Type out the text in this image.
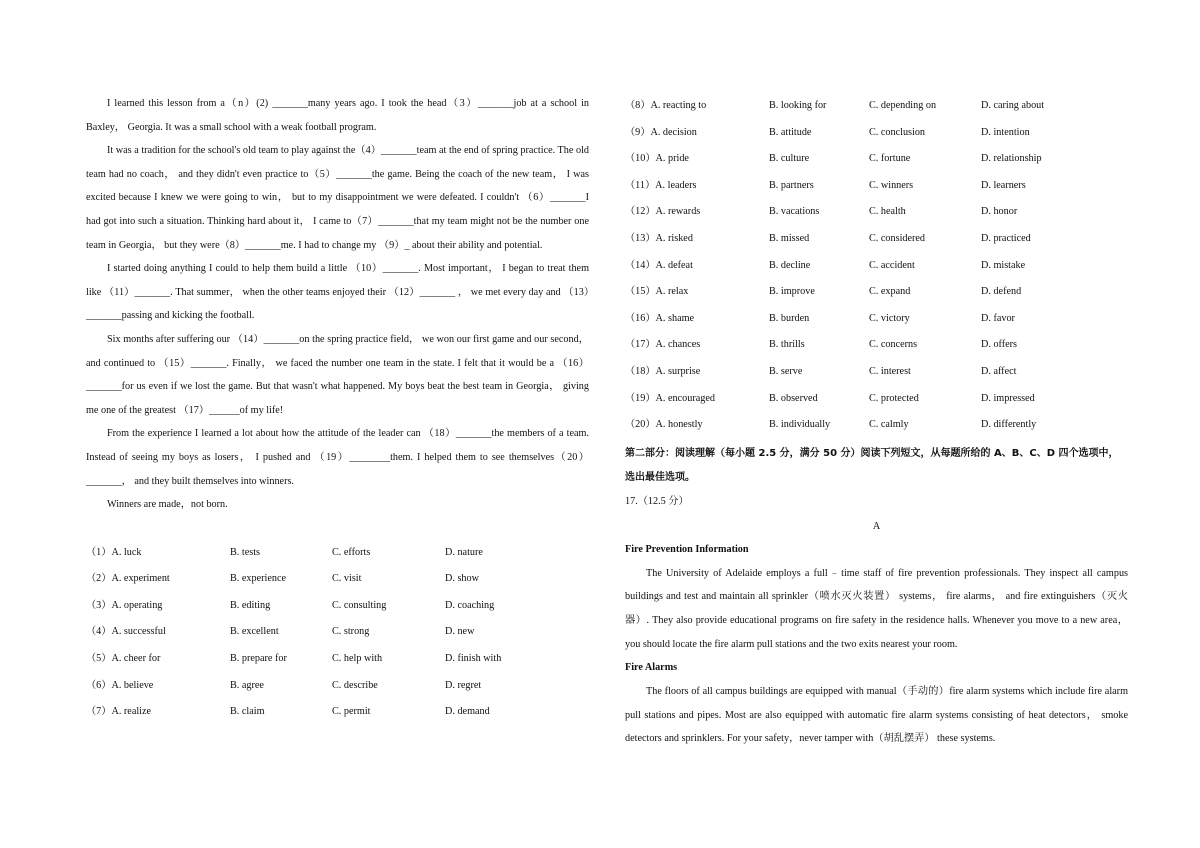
I learned this lesson from a（n）(2) _______many years ago. I took the head（3）_______job at a school in Baxley， Georgia. It was a small school with a weak football program.

It was a tradition for the school's old team to play against the（4）_______team at the end of spring practice. The old team had no coach， and they didn't even practice to（5）_______the game. Being the coach of the new team， I was excited because I knew we were going to win， but to my disappointment we were defeated. I couldn't （6）_______I had got into such a situation. Thinking hard about it， I came to（7）_______that my team might not be the number one team in Georgia， but they were（8）_______me. I had to change my （9）_ about their ability and potential.

I started doing anything I could to help them build a little （10）_______. Most important， I began to treat them like （11）_______. That summer， when the other teams enjoyed their （12）_______ ， we met every day and （13）_______passing and kicking the football.

Six months after suffering our （14）_______on the spring practice field， we won our first game and our second， and continued to （15）_______. Finally， we faced the number one team in the state. I felt that it would be a （16）_______for us even if we lost the game. But that wasn't what happened. My boys beat the best team in Georgia， giving me one of the greatest （17）______of my life!

From the experience I learned a lot about how the attitude of the leader can （18）_______the members of a team. Instead of seeing my boys as losers， I pushed and （19）________them. I helped them to see themselves（20）_______， and they built themselves into winners.

Winners are made，not born.

（1）A. luck	B. tests	C. efforts	D. nature
（2）A. experiment	B. experience	C. visit	D. show
（3）A. operating	B. editing	C. consulting	D. coaching
（4）A. successful	B. excellent	C. strong	D. new
（5）A. cheer for	B. prepare for	C. help with	D. finish with
（6）A. believe	B. agree	C. describe	D. regret
（7）A. realize	B. claim	C. permit	D. demand
（8）A. reacting to	B. looking for	C. depending on	D. caring about
（9）A. decision	B. attitude	C. conclusion	D. intention
（10）A. pride	B. culture	C. fortune	D. relationship
（11）A. leaders	B. partners	C. winners	D. learners
（12）A. rewards	B. vacations	C. health	D. honor
（13）A. risked	B. missed	C. considered	D. practiced
（14）A. defeat	B. decline	C. accident	D. mistake
（15）A. relax	B. improve	C. expand	D. defend
（16）A. shame	B. burden	C. victory	D. favor
（17）A. chances	B. thrills	C. concerns	D. offers
（18）A. surprise	B. serve	C. interest	D. affect
（19）A. encouraged	B. observed	C. protected	D. impressed
（20）A. honestly	B. individually	C. calmly	D. differently

第二部分：阅读理解（每小题 2.5 分，满分 50 分）阅读下列短文，从每题所给的 A、B、C、D 四个选项中，选出最佳选项。

17.（12.5 分）

A

Fire Prevention Information

The University of Adelaide employs a full﹣time staff of fire prevention professionals. They inspect all campus buildings and test and maintain all sprinkler（喷水灭火装置） systems， fire alarms， and fire extinguishers（灭火器）. They also provide educational programs on fire safety in the residence halls. Whenever you move to a new area， you should locate the fire alarm pull stations and the two exits nearest your room.

Fire Alarms

The floors of all campus buildings are equipped with manual（手动的）fire alarm systems which include fire alarm pull stations and pipes. Most are also equipped with automatic fire alarm systems consisting of heat detectors， smoke detectors and sprinklers. For your safety，never tamper with（胡乱摆弄） these systems.
